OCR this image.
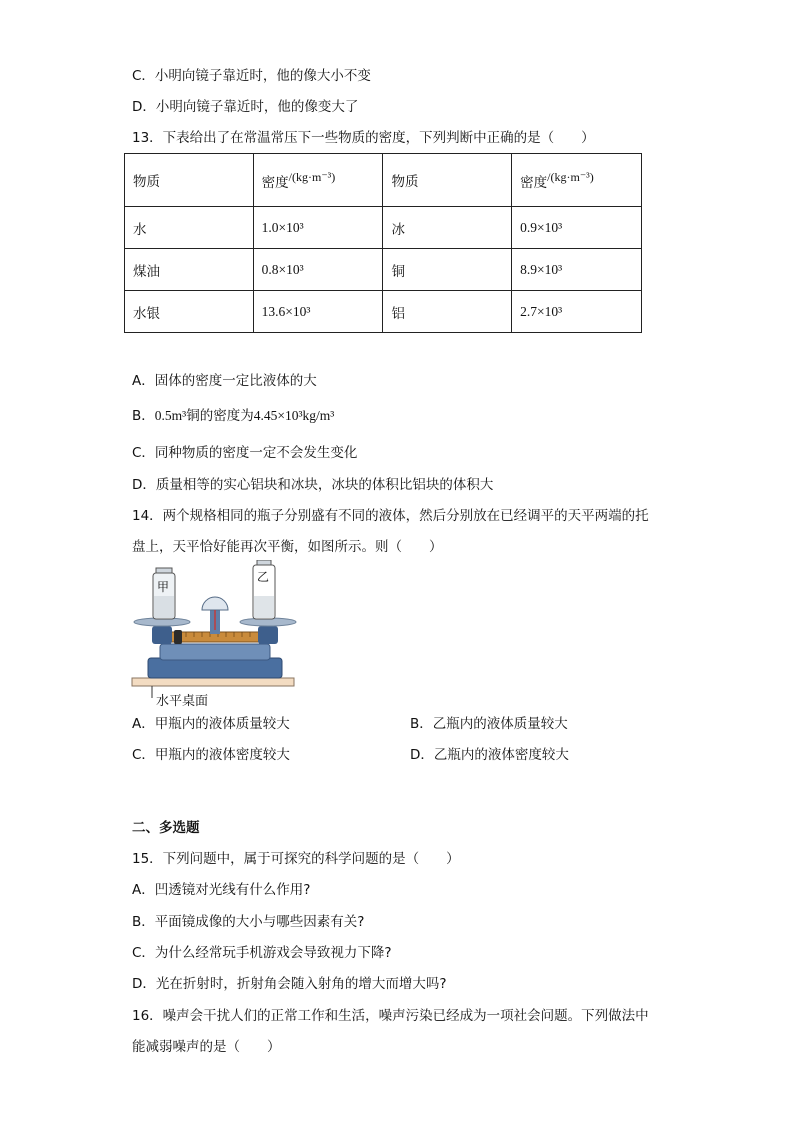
C．小明向镜子靠近时，他的像大小不变
D．小明向镜子靠近时，他的像变大了
13．下表给出了在常温常压下一些物质的密度，下列判断中正确的是（　　）
物质	密度/(kg·m⁻³)	物质	密度/(kg·m⁻³)
水	1.0×10³	冰	0.9×10³
煤油	0.8×10³	铜	8.9×10³
水银	13.6×10³	铝	2.7×10³
A．固体的密度一定比液体的大
B．0.5m³铜的密度为4.45×10³kg/m³
C．同种物质的密度一定不会发生变化
D．质量相等的实心铝块和冰块，冰块的体积比铝块的体积大
14．两个规格相同的瓶子分别盛有不同的液体，然后分别放在已经调平的天平两端的托
盘上，天平恰好能再次平衡，如图所示。则（　　）
甲
乙
水平桌面
A．甲瓶内的液体质量较大	B．乙瓶内的液体质量较大
C．甲瓶内的液体密度较大	D．乙瓶内的液体密度较大
二、多选题
15．下列问题中，属于可探究的科学问题的是（　　）
A．凹透镜对光线有什么作用?
B．平面镜成像的大小与哪些因素有关?
C．为什么经常玩手机游戏会导致视力下降?
D．光在折射时，折射角会随入射角的增大而增大吗?
16．噪声会干扰人们的正常工作和生活，噪声污染已经成为一项社会问题。下列做法中
能减弱噪声的是（　　）
